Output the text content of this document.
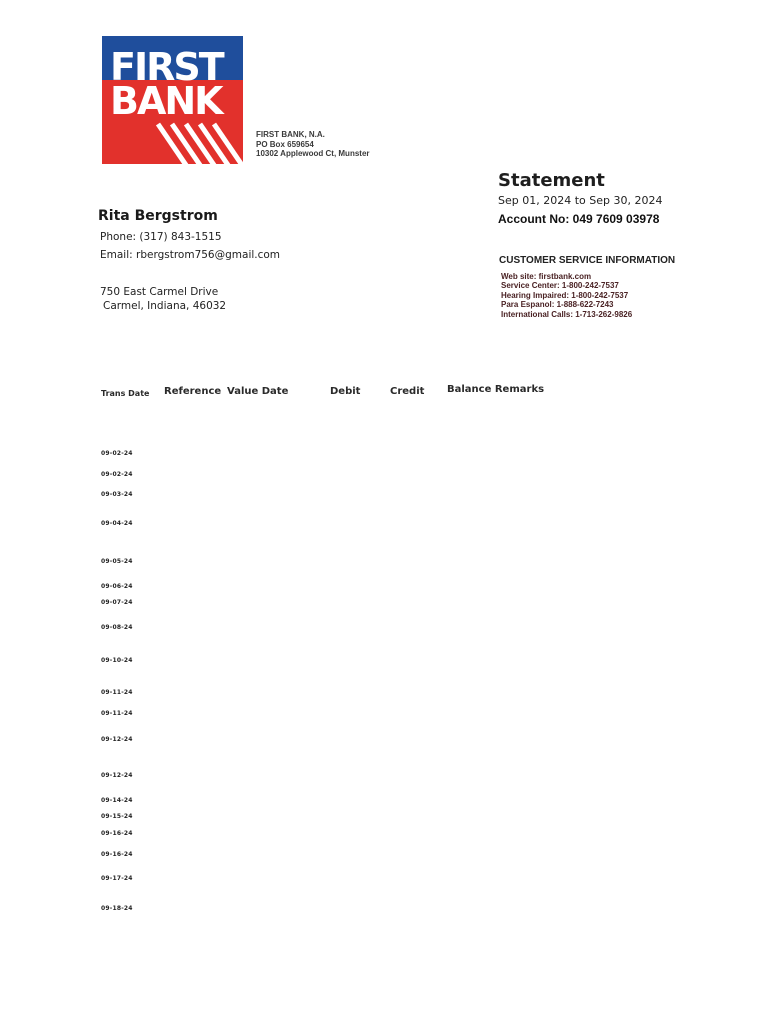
FIRST
BANK
FIRST BANK, N.A.
PO Box 659654
10302 Applewood Ct, Munster
Statement
Sep 01, 2024 to Sep 30, 2024
Account No: 049 7609 03978
CUSTOMER SERVICE INFORMATION
Web site: firstbank.com
Service Center: 1-800-242-7537
Hearing Impaired: 1-800-242-7537
Para Espanol: 1-888-622-7243
International Calls: 1-713-262-9826
Rita Bergstrom
Phone: (317) 843-1515
Email: rbergstrom756@gmail.com
750 East Carmel Drive
Carmel, Indiana, 46032
Trans Date Reference Value Date	Debit	Credit Balance Remarks
09-02-24
09-02-24
09-03-24
09-04-24
09-05-24
09-06-24
09-07-24
09-08-24
09-10-24
09-11-24
09-11-24
09-12-24
09-12-24
09-14-24
09-15-24
09-16-24
09-16-24
09-17-24
09-18-24
